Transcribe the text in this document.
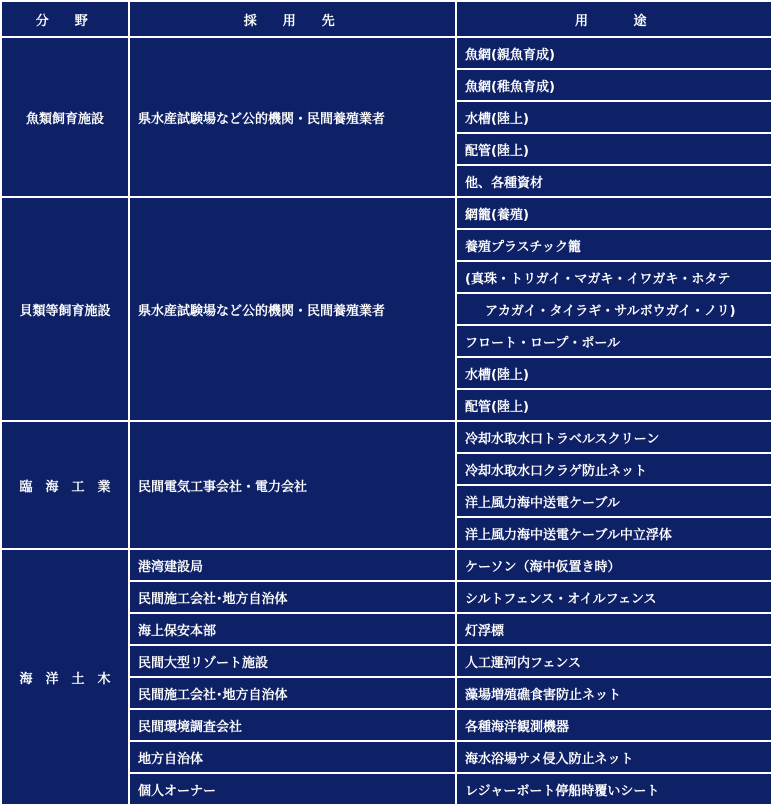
分　野	採　用　先	用　　途
魚類飼育施設	県水産試験場など公的機関・民間養殖業者	魚網(親魚育成)
		魚網(稚魚育成)
		水槽(陸上)
		配管(陸上)
		他、各種資材
貝類等飼育施設	県水産試験場など公的機関・民間養殖業者	網籠(養殖)
		養殖プラスチック籠
		(真珠・トリガイ・マガキ・イワガキ・ホタテ
		アカガイ・タイラギ・サルボウガイ・ノリ)
		フロート・ロープ・ポール
		水槽(陸上)
		配管(陸上)
臨　海　工　業	民間電気工事会社・電力会社	冷却水取水口トラベルスクリーン
		冷却水取水口クラゲ防止ネット
		洋上風力海中送電ケーブル
		洋上風力海中送電ケーブル中立浮体
海　洋　土　木	港湾建設局	ケーソン（海中仮置き時）
	民間施工会社･地方自治体	シルトフェンス・オイルフェンス
	海上保安本部	灯浮標
	民間大型リゾート施設	人工運河内フェンス
	民間施工会社･地方自治体	藻場増殖礁食害防止ネット
	民間環境調査会社	各種海洋観測機器
	地方自治体	海水浴場サメ侵入防止ネット
	個人オーナー	レジャーボート停船時覆いシート
